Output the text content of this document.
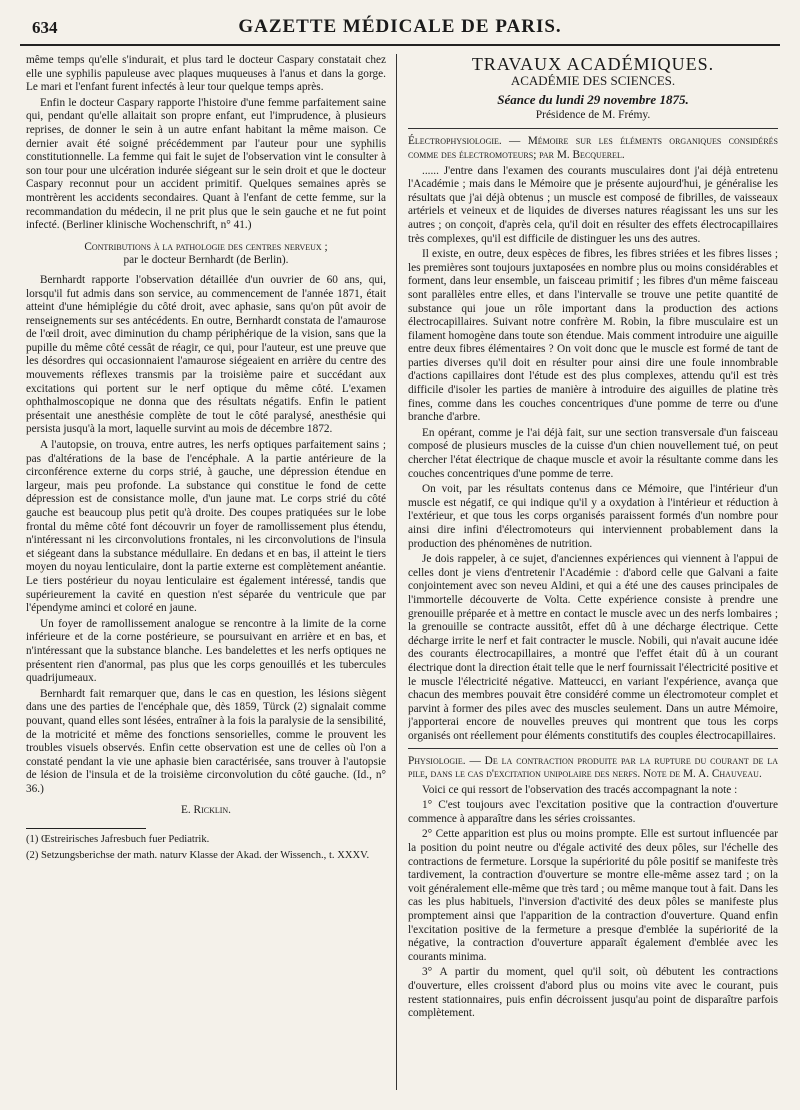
634	GAZETTE MÉDICALE DE PARIS.

même temps qu'elle s'indurait, et plus tard le docteur Caspary constatait chez elle une syphilis papuleuse avec plaques muqueuses à l'anus et dans la gorge. Le mari et l'enfant furent infectés à leur tour quelque temps après.

Enfin le docteur Caspary rapporte l'histoire d'une femme parfaitement saine qui, pendant qu'elle allaitait son propre enfant, eut l'imprudence, à plusieurs reprises, de donner le sein à un autre enfant habitant la même maison. Ce dernier avait été soigné précédemment par l'auteur pour une syphilis constitutionnelle. La femme qui fait le sujet de l'observation vint le consulter à son tour pour une ulcération indurée siégeant sur le sein droit et que le docteur Caspary reconnut pour un accident primitif. Quelques semaines après se montrèrent les accidents secondaires. Quant à l'enfant de cette femme, sur la recommandation du médecin, il ne prit plus que le sein gauche et ne fut point infecté. (Berliner klinische Wochenschrift, n° 41.)

Contributions à la pathologie des centres nerveux ;
par le docteur Bernhardt (de Berlin).

Bernhardt rapporte l'observation détaillée d'un ouvrier de 60 ans, qui, lorsqu'il fut admis dans son service, au commencement de l'année 1871, était atteint d'une hémiplégie du côté droit, avec aphasie, sans qu'on pût avoir de renseignements sur ses antécédents. En outre, Bernhardt constata de l'amaurose de l'œil droit, avec diminution du champ périphérique de la vision, sans que la pupille du même côté cessât de réagir, ce qui, pour l'auteur, est une preuve que les désordres qui occasionnaient l'amaurose siégeaient en arrière du centre des mouvements réflexes transmis par la troisième paire et succédant aux excitations qui portent sur le nerf optique du même côté. L'examen ophthalmoscopique ne donna que des résultats négatifs. Enfin le patient présentait une anesthésie complète de tout le côté paralysé, anesthésie qui persista jusqu'à la mort, laquelle survint au mois de décembre 1872.

A l'autopsie, on trouva, entre autres, les nerfs optiques parfaitement sains ; pas d'altérations de la base de l'encéphale. A la partie antérieure de la circonférence externe du corps strié, à gauche, une dépression étendue en largeur, mais peu profonde. La substance qui constitue le fond de cette dépression est de consistance molle, d'un jaune mat. Le corps strié du côté gauche est beaucoup plus petit qu'à droite. Des coupes pratiquées sur le lobe frontal du même côté font découvrir un foyer de ramollissement plus étendu, n'intéressant ni les circonvolutions frontales, ni les circonvolutions de l'insula et siégeant dans la substance médullaire. En dedans et en bas, il atteint le tiers moyen du noyau lenticulaire, dont la partie externe est complètement anéantie. Le tiers postérieur du noyau lenticulaire est également intéressé, tandis que supérieurement la cavité en question n'est séparée du ventricule que par l'épendyme aminci et coloré en jaune.

Un foyer de ramollissement analogue se rencontre à la limite de la corne inférieure et de la corne postérieure, se poursuivant en arrière et en bas, et n'intéressant que la substance blanche. Les bandelettes et les nerfs optiques ne présentent rien d'anormal, pas plus que les corps genouillés et les tubercules quadrijumeaux.

Bernhardt fait remarquer que, dans le cas en question, les lésions siègent dans une des parties de l'encéphale que, dès 1859, Türck (2) signalait comme pouvant, quand elles sont lésées, entraîner à la fois la paralysie de la sensibilité, de la motricité et même des fonctions sensorielles, comme le prouvent les troubles visuels observés. Enfin cette observation est une de celles où l'on a constaté pendant la vie une aphasie bien caractérisée, sans trouver à l'autopsie de lésion de l'insula et de la troisième circonvolution du côté gauche. (Id., n° 36.)

E. Ricklin.

(1) Œstreirisches Jafresbuch fuer Pediatrik.

(2) Setzungsberichse der math. naturv Klasse der Akad. der Wissench., t. XXXV.

TRAVAUX ACADÉMIQUES.
ACADÉMIE DES SCIENCES.
Séance du lundi 29 novembre 1875.
Présidence de M. Frémy.

Électrophysiologie. — Mémoire sur les éléments organiques considérés comme des électromoteurs; par M. Becquerel.

...... J'entre dans l'examen des courants musculaires dont j'ai déjà entretenu l'Académie ; mais dans le Mémoire que je présente aujourd'hui, je généralise les résultats que j'ai déjà obtenus ; un muscle est composé de fibrilles, de vaisseaux artériels et veineux et de liquides de diverses natures réagissant les uns sur les autres ; on conçoit, d'après cela, qu'il doit en résulter des effets électrocapillaires très complexes, qu'il est difficile de distinguer les uns des autres.

Il existe, en outre, deux espèces de fibres, les fibres striées et les fibres lisses ; les premières sont toujours juxtaposées en nombre plus ou moins considérables et forment, dans leur ensemble, un faisceau primitif ; les fibres d'un même faisceau sont parallèles entre elles, et dans l'intervalle se trouve une petite quantité de substance qui joue un rôle important dans la production des actions électrocapillaires. Suivant notre confrère M. Robin, la fibre musculaire est un filament homogène dans toute son étendue. Mais comment introduire une aiguille entre deux fibres élémentaires ? On voit donc que le muscle est formé de tant de parties diverses qu'il doit en résulter pour ainsi dire une foule innombrable d'actions capillaires dont l'étude est des plus complexes, attendu qu'il est très difficile d'isoler les parties de manière à introduire des aiguilles de platine très fines, comme dans les couches concentriques d'une pomme de terre ou d'une branche d'arbre.

En opérant, comme je l'ai déjà fait, sur une section transversale d'un faisceau composé de plusieurs muscles de la cuisse d'un chien nouvellement tué, on peut chercher l'état électrique de chaque muscle et avoir la résultante comme dans les couches concentriques d'une pomme de terre.

On voit, par les résultats contenus dans ce Mémoire, que l'intérieur d'un muscle est négatif, ce qui indique qu'il y a oxydation à l'intérieur et réduction à l'extérieur, et que tous les corps organisés paraissent formés d'un nombre pour ainsi dire infini d'électromoteurs qui interviennent probablement dans la production des phénomènes de nutrition.

Je dois rappeler, à ce sujet, d'anciennes expériences qui viennent à l'appui de celles dont je viens d'entretenir l'Académie : d'abord celle que Galvani a faite conjointement avec son neveu Aldini, et qui a été une des causes principales de l'immortelle découverte de Volta. Cette expérience consiste à prendre une grenouille préparée et à mettre en contact le muscle avec un des nerfs lombaires ; la grenouille se contracte aussitôt, effet dû à une décharge électrique. Cette décharge irrite le nerf et fait contracter le muscle. Nobili, qui n'avait aucune idée des courants électrocapillaires, a montré que l'effet était dû à un courant électrique dont la direction était telle que le nerf fournissait l'électricité positive et le muscle l'électricité négative. Matteucci, en variant l'expérience, avança que chacun des membres pouvait être considéré comme un électromoteur complet et parvint à former des piles avec des muscles seulement. Dans un autre Mémoire, j'apporterai encore de nouvelles preuves qui montrent que tous les corps organisés ont réellement pour éléments constitutifs des couples électrocapillaires.

Physiologie. — De la contraction produite par la rupture du courant de la pile, dans le cas d'excitation unipolaire des nerfs. Note de M. A. Chauveau.

Voici ce qui ressort de l'observation des tracés accompagnant la note :

1° C'est toujours avec l'excitation positive que la contraction d'ouverture commence à apparaître dans les séries croissantes.

2° Cette apparition est plus ou moins prompte. Elle est surtout influencée par la position du point neutre ou d'égale activité des deux pôles, sur l'échelle des contractions de fermeture. Lorsque la supériorité du pôle positif se manifeste très tardivement, la contraction d'ouverture se montre elle-même assez tard ; on la voit généralement elle-même que très tard ; ou même manque tout à fait. Dans les cas les plus habituels, l'inversion d'activité des deux pôles se manifeste plus promptement ainsi que l'apparition de la contraction d'ouverture. Quand enfin l'excitation positive de la fermeture a presque d'emblée la supériorité de la négative, la contraction d'ouverture apparaît également d'emblée avec les courants minima.

3° A partir du moment, quel qu'il soit, où débutent les contractions d'ouverture, elles croissent d'abord plus ou moins vite avec le courant, puis restent stationnaires, puis enfin décroissent jusqu'au point de disparaître parfois complètement.
